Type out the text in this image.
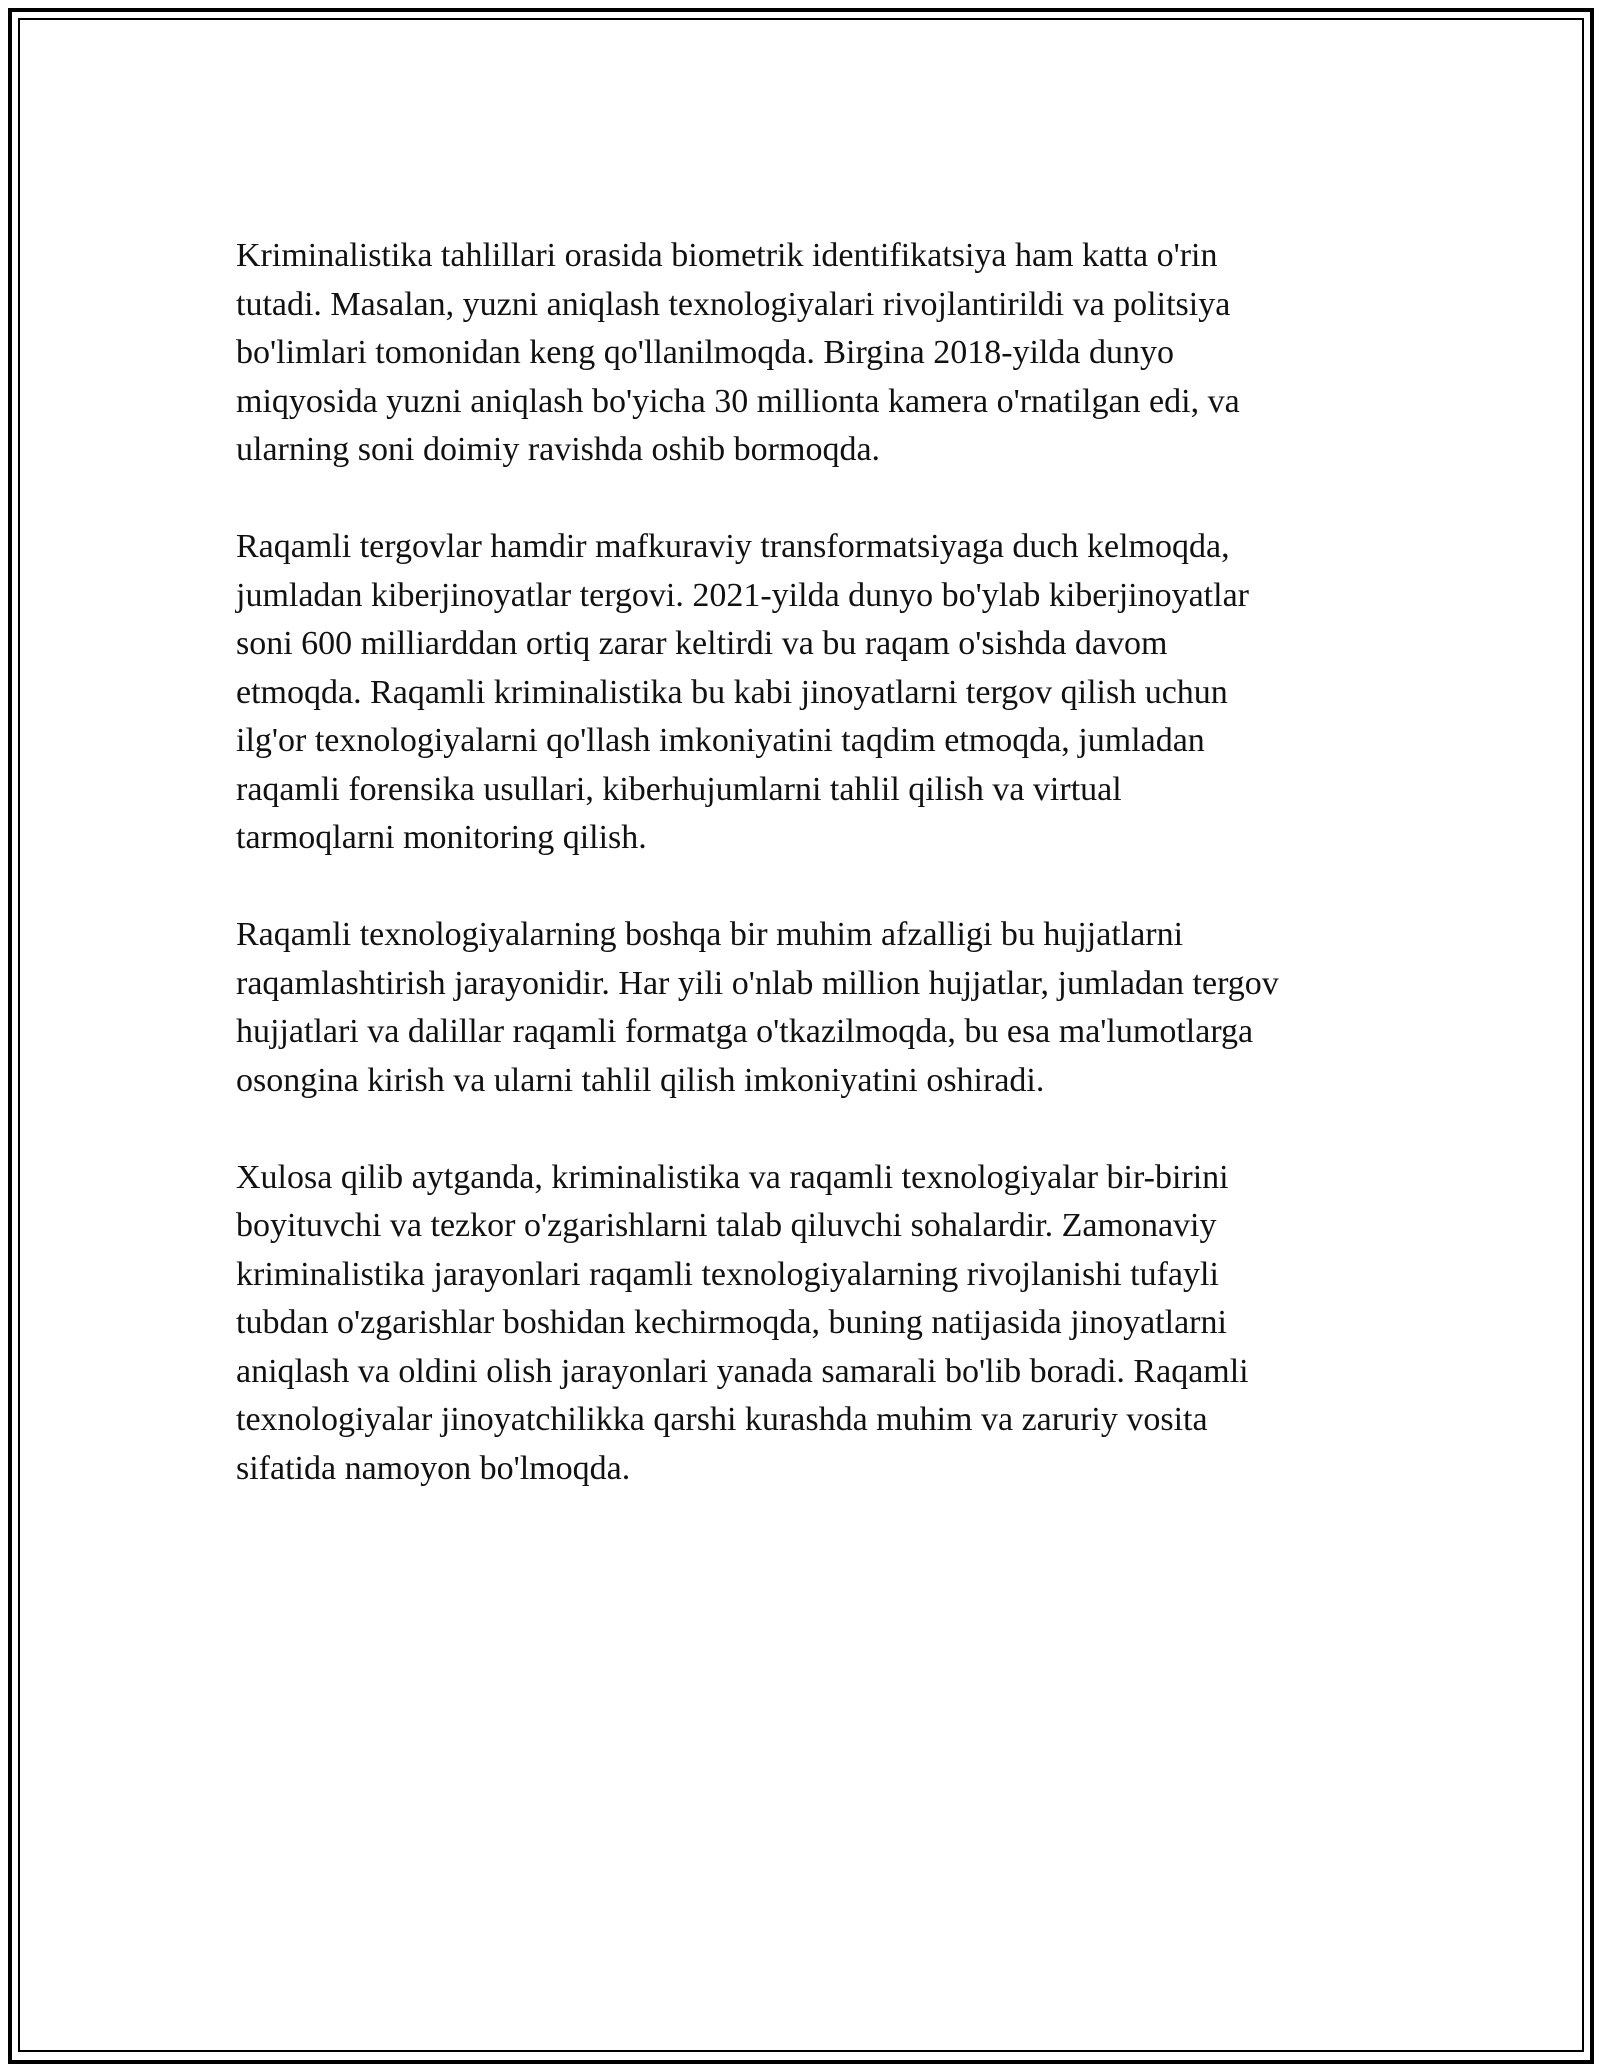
Kriminalistika tahlillari orasida biometrik identifikatsiya ham katta o'rin
tutadi. Masalan, yuzni aniqlash texnologiyalari rivojlantirildi va politsiya
bo'limlari tomonidan keng qo'llanilmoqda. Birgina 2018-yilda dunyo
miqyosida yuzni aniqlash bo'yicha 30 millionta kamera o'rnatilgan edi, va
ularning soni doimiy ravishda oshib bormoqda.

Raqamli tergovlar hamdir mafkuraviy transformatsiyaga duch kelmoqda,
jumladan kiberjinoyatlar tergovi. 2021-yilda dunyo bo'ylab kiberjinoyatlar
soni 600 milliarddan ortiq zarar keltirdi va bu raqam o'sishda davom
etmoqda. Raqamli kriminalistika bu kabi jinoyatlarni tergov qilish uchun
ilg'or texnologiyalarni qo'llash imkoniyatini taqdim etmoqda, jumladan
raqamli forensika usullari, kiberhujumlarni tahlil qilish va virtual
tarmoqlarni monitoring qilish.

Raqamli texnologiyalarning boshqa bir muhim afzalligi bu hujjatlarni
raqamlashtirish jarayonidir. Har yili o'nlab million hujjatlar, jumladan tergov
hujjatlari va dalillar raqamli formatga o'tkazilmoqda, bu esa ma'lumotlarga
osongina kirish va ularni tahlil qilish imkoniyatini oshiradi.

Xulosa qilib aytganda, kriminalistika va raqamli texnologiyalar bir-birini
boyituvchi va tezkor o'zgarishlarni talab qiluvchi sohalardir. Zamonaviy
kriminalistika jarayonlari raqamli texnologiyalarning rivojlanishi tufayli
tubdan o'zgarishlar boshidan kechirmoqda, buning natijasida jinoyatlarni
aniqlash va oldini olish jarayonlari yanada samarali bo'lib boradi. Raqamli
texnologiyalar jinoyatchilikka qarshi kurashda muhim va zaruriy vosita
sifatida namoyon bo'lmoqda.
